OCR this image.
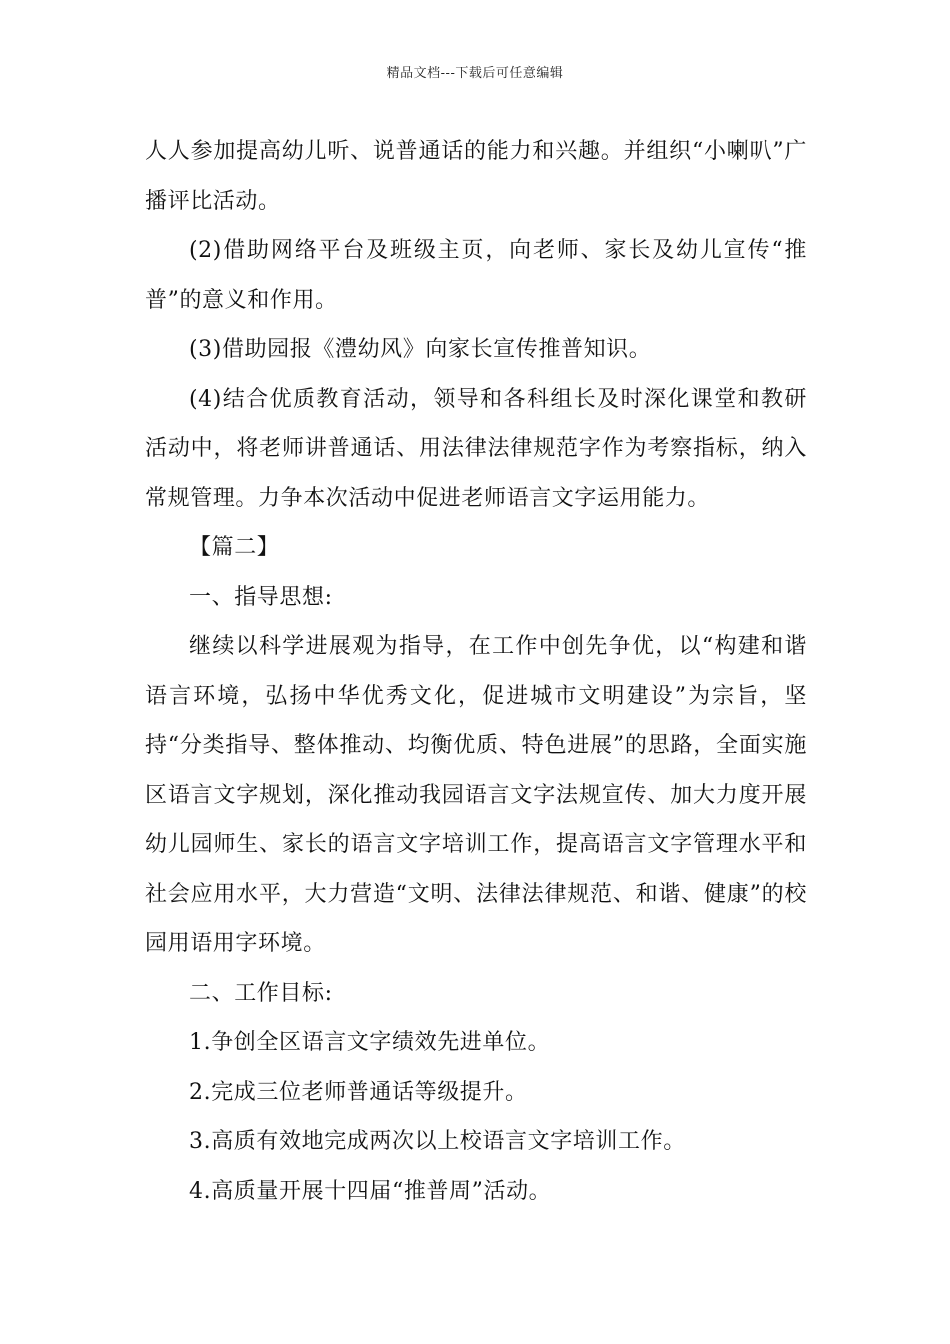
精品文档---下载后可任意编辑

人人参加提高幼儿听、说普通话的能力和兴趣。并组织“小喇叭”广播评比活动。

(2)借助网络平台及班级主页，向老师、家长及幼儿宣传“推普”的意义和作用。

(3)借助园报《澧幼风》向家长宣传推普知识。

(4)结合优质教育活动，领导和各科组长及时深化课堂和教研活动中，将老师讲普通话、用法律法律规范字作为考察指标，纳入常规管理。力争本次活动中促进老师语言文字运用能力。

【篇二】

一、指导思想:

继续以科学进展观为指导，在工作中创先争优，以“构建和谐语言环境，弘扬中华优秀文化，促进城市文明建设”为宗旨，坚持“分类指导、整体推动、均衡优质、特色进展”的思路，全面实施区语言文字规划，深化推动我园语言文字法规宣传、加大力度开展幼儿园师生、家长的语言文字培训工作，提高语言文字管理水平和社会应用水平，大力营造“文明、法律法律规范、和谐、健康”的校园用语用字环境。

二、工作目标:

1.争创全区语言文字绩效先进单位。

2.完成三位老师普通话等级提升。

3.高质有效地完成两次以上校语言文字培训工作。

4.高质量开展十四届“推普周”活动。
